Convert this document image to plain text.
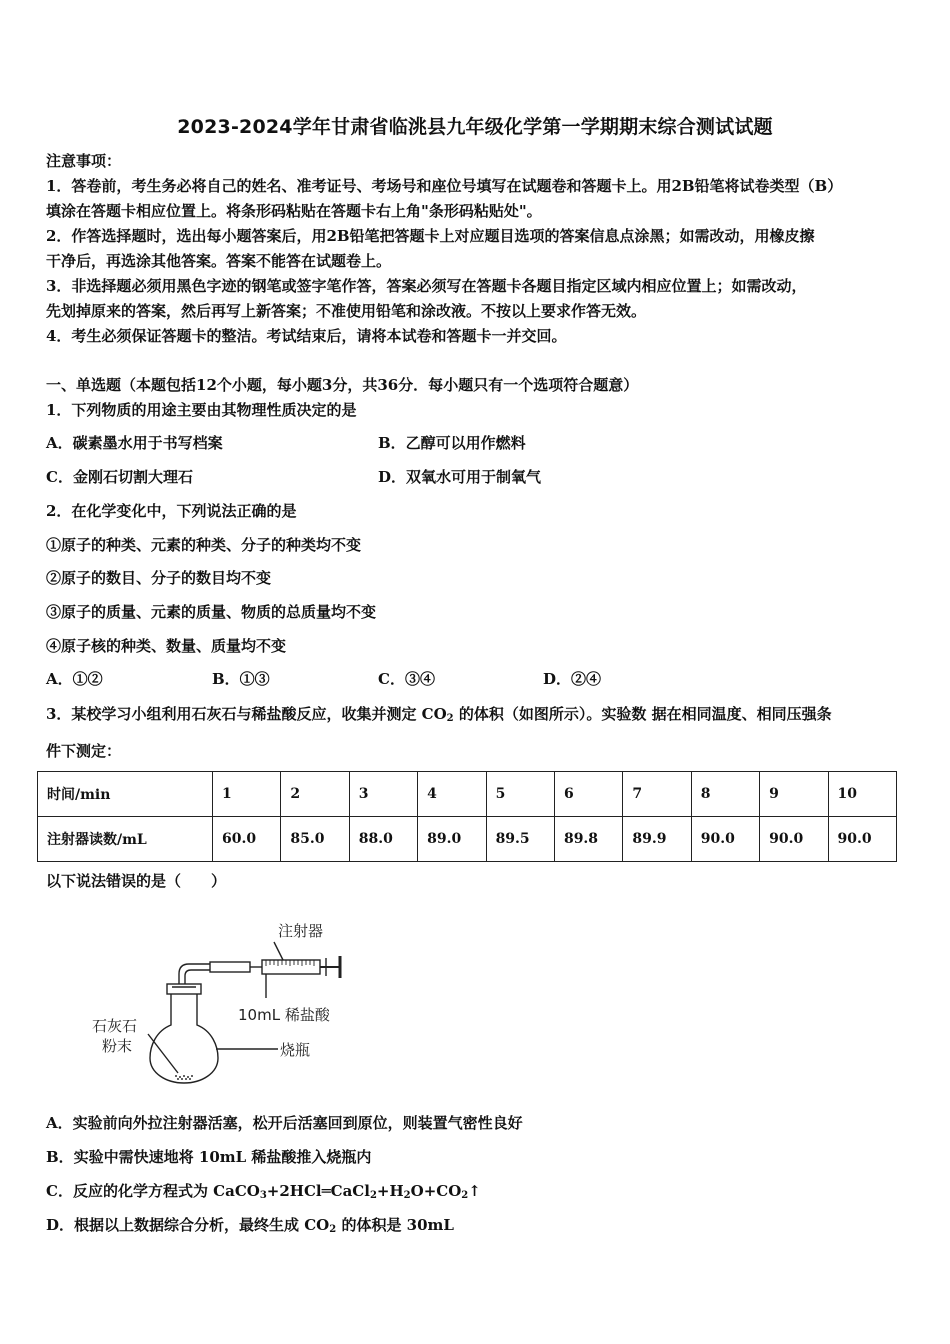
2023-2024学年甘肃省临洮县九年级化学第一学期期末综合测试试题
注意事项：
1．答卷前，考生务必将自己的姓名、准考证号、考场号和座位号填写在试题卷和答题卡上。用2B铅笔将试卷类型（B）
填涂在答题卡相应位置上。将条形码粘贴在答题卡右上角"条形码粘贴处"。
2．作答选择题时，选出每小题答案后，用2B铅笔把答题卡上对应题目选项的答案信息点涂黑；如需改动，用橡皮擦
干净后，再选涂其他答案。答案不能答在试题卷上。
3．非选择题必须用黑色字迹的钢笔或签字笔作答，答案必须写在答题卡各题目指定区域内相应位置上；如需改动，
先划掉原来的答案，然后再写上新答案；不准使用铅笔和涂改液。不按以上要求作答无效。
4．考生必须保证答题卡的整洁。考试结束后，请将本试卷和答题卡一并交回。
一、单选题（本题包括12个小题，每小题3分，共36分．每小题只有一个选项符合题意）
1．下列物质的用途主要由其物理性质决定的是
A．碳素墨水用于书写档案	B．乙醇可以用作燃料
C．金刚石切割大理石	D．双氧水可用于制氧气
2．在化学变化中，下列说法正确的是
①原子的种类、元素的种类、分子的种类均不变
②原子的数目、分子的数目均不变
③原子的质量、元素的质量、物质的总质量均不变
④原子核的种类、数量、质量均不变
A．①②	B．①③	C．③④	D．②④
3．某校学习小组利用石灰石与稀盐酸反应，收集并测定 $CO_2$ 的体积（如图所示）。实验数 据在相同温度、相同压强条
件下测定：
时间/min	1	2	3	4	5	6	7	8	9	10
注射器读数/mL	60.0	85.0	88.0	89.0	89.5	89.8	89.9	90.0	90.0	90.0
以下说法错误的是（　　）
注射器
10mL 稀盐酸
石灰石
粉末	烧瓶
A．实验前向外拉注射器活塞，松开后活塞回到原位，则装置气密性良好
B．实验中需快速地将 10mL 稀盐酸推入烧瓶内
C．反应的化学方程式为 $CaCO_3+2HCl═CaCl_2+H_2O+CO_2↑$
D．根据以上数据综合分析，最终生成 $CO_2$ 的体积是 30mL
